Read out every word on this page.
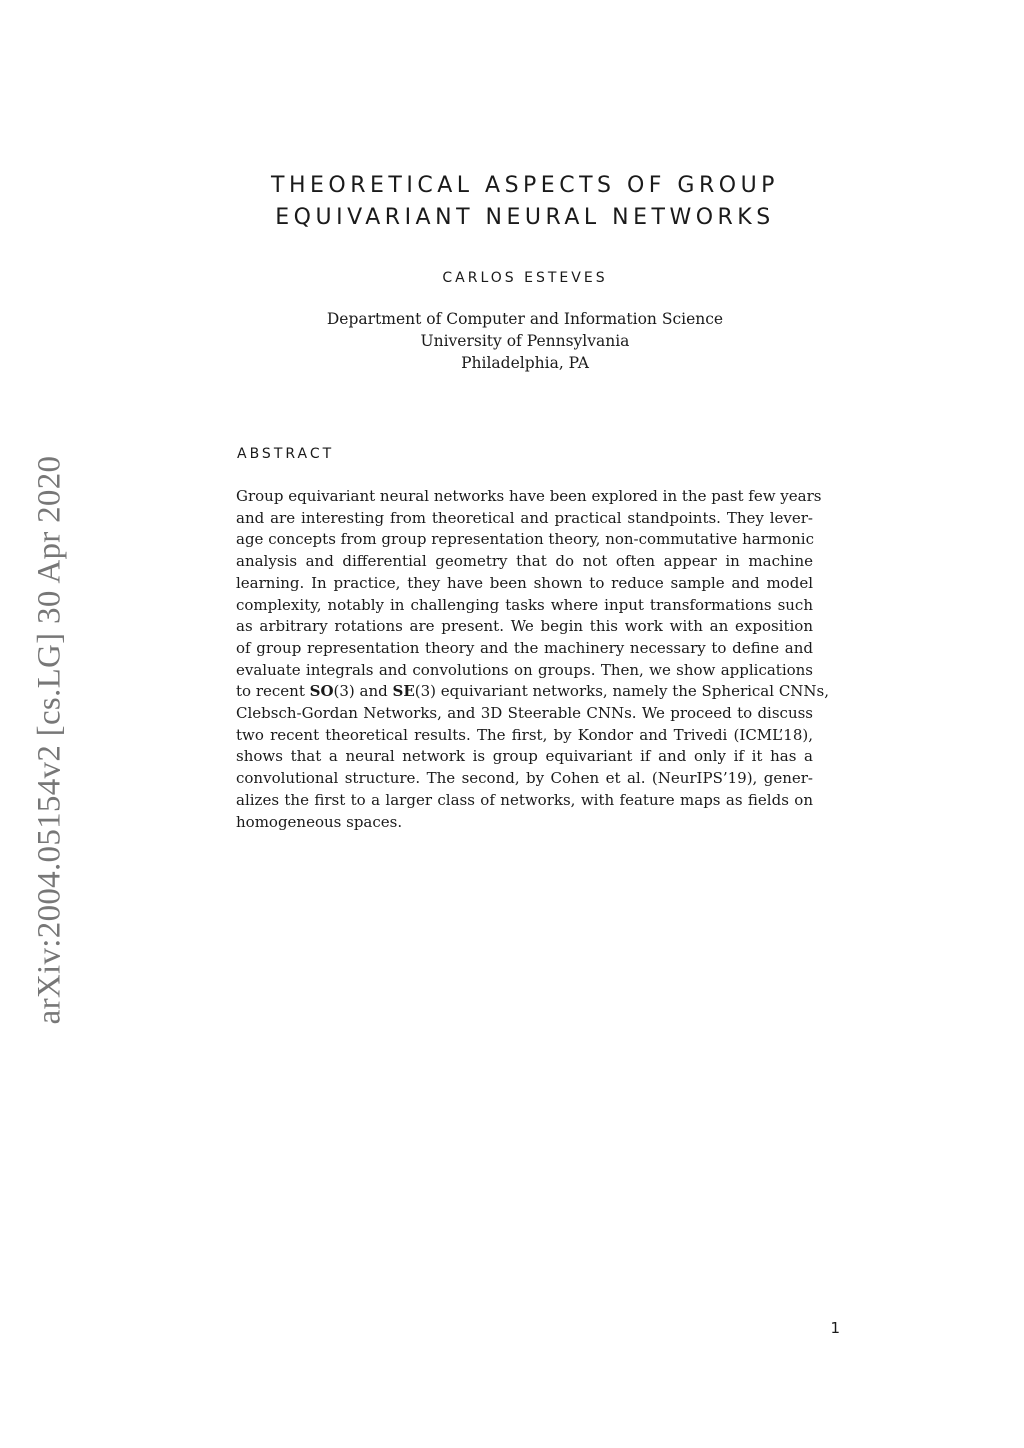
THEORETICAL ASPECTS OF GROUP
EQUIVARIANT NEURAL NETWORKS
CARLOS ESTEVES
Department of Computer and Information Science
University of Pennsylvania
Philadelphia, PA
ABSTRACT
Group equivariant neural networks have been explored in the past few years
and are interesting from theoretical and practical standpoints. They lever-
age concepts from group representation theory, non-commutative harmonic
analysis and differential geometry that do not often appear in machine
learning. In practice, they have been shown to reduce sample and model
complexity, notably in challenging tasks where input transformations such
as arbitrary rotations are present. We begin this work with an exposition
of group representation theory and the machinery necessary to define and
evaluate integrals and convolutions on groups. Then, we show applications
to recent SO(3) and SE(3) equivariant networks, namely the Spherical CNNs,
Clebsch-Gordan Networks, and 3D Steerable CNNs. We proceed to discuss
two recent theoretical results. The first, by Kondor and Trivedi (ICML’18),
shows that a neural network is group equivariant if and only if it has a
convolutional structure. The second, by Cohen et al. (NeurIPS’19), gener-
alizes the first to a larger class of networks, with feature maps as fields on
homogeneous spaces.
arXiv:2004.05154v2 [cs.LG] 30 Apr 2020
1
